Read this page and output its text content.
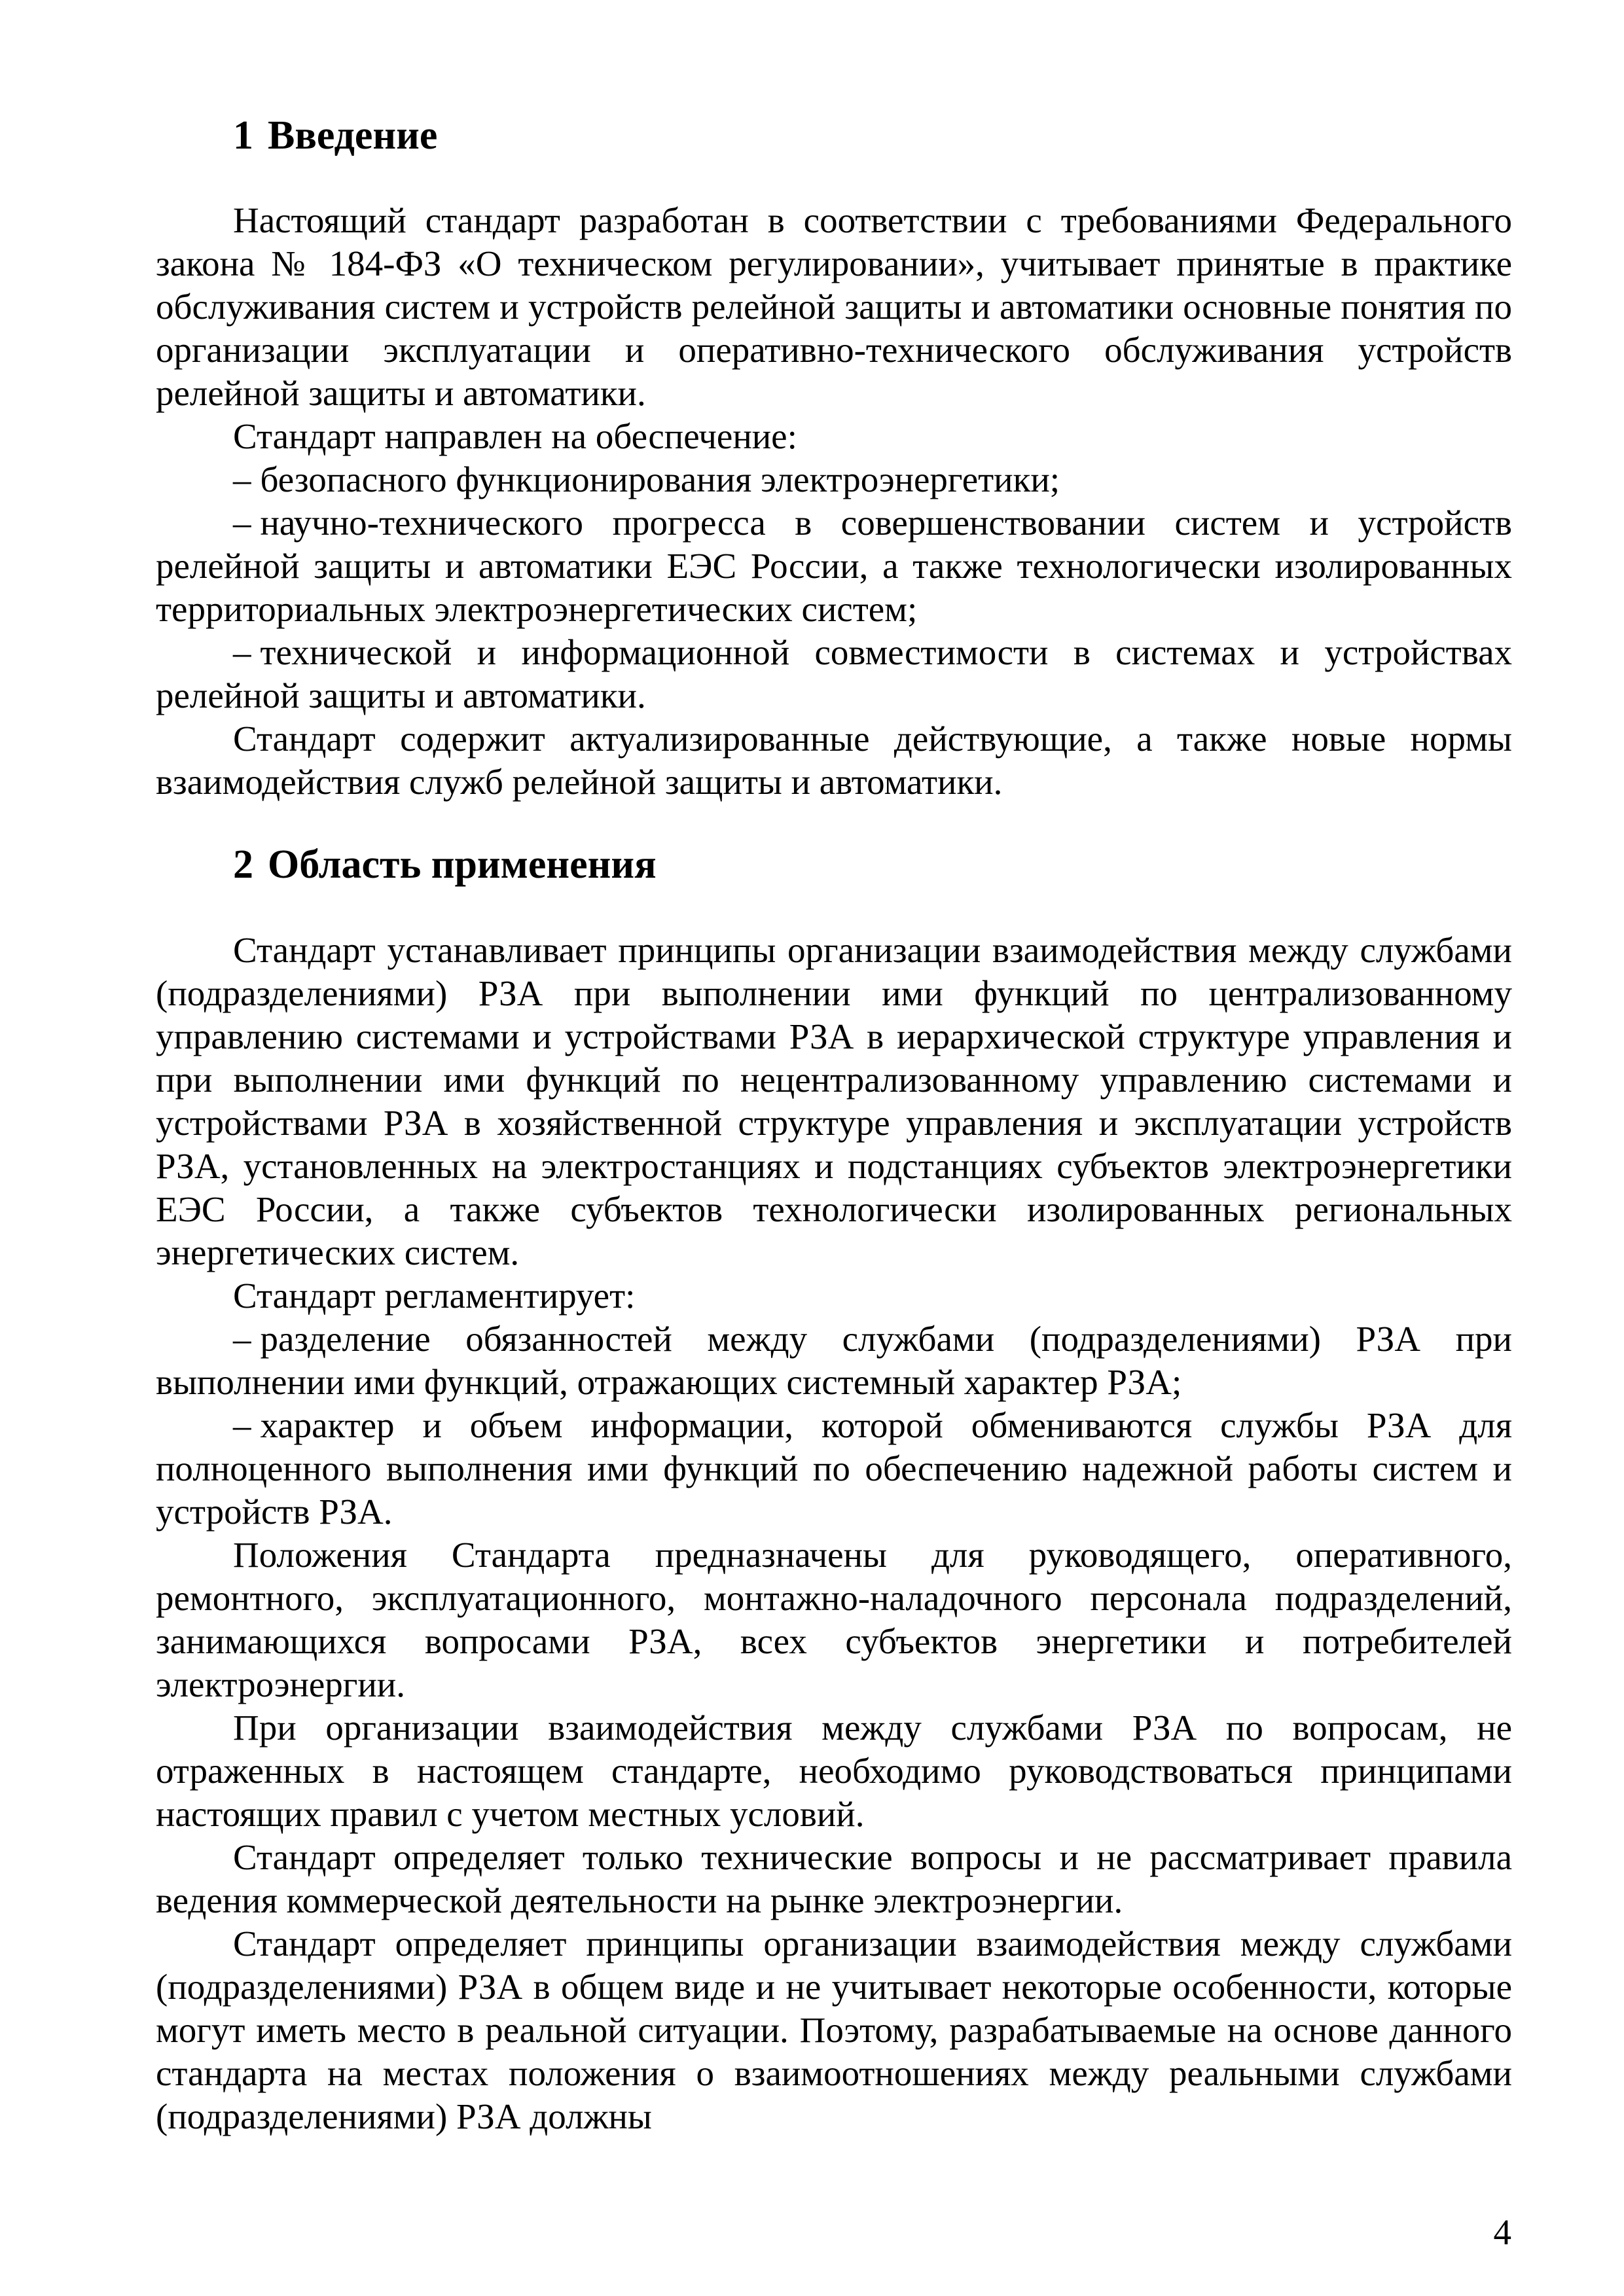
1 Введение

Настоящий стандарт разработан в соответствии с требованиями Федерального закона № 184-ФЗ «О техническом регулировании», учитывает принятые в практике обслуживания систем и устройств релейной защиты и автоматики основные понятия по организации эксплуатации и оперативно-технического обслуживания устройств релейной защиты и автоматики.

Стандарт направлен на обеспечение:

– безопасного функционирования электроэнергетики;

– научно-технического прогресса в совершенствовании систем и устройств релейной защиты и автоматики ЕЭС России, а также технологически изолированных территориальных электроэнергетических систем;

– технической и информационной совместимости в системах и устройствах релейной защиты и автоматики.

Стандарт содержит актуализированные действующие, а также новые нормы взаимодействия служб релейной защиты и автоматики.

2 Область применения

Стандарт устанавливает принципы организации взаимодействия между службами (подразделениями) РЗА при выполнении ими функций по централизованному управлению системами и устройствами РЗА в иерархической структуре управления и при выполнении ими функций по нецентрализованному управлению системами и устройствами РЗА в хозяйственной структуре управления и эксплуатации устройств РЗА, установленных на электростанциях и подстанциях субъектов электроэнергетики ЕЭС России, а также субъектов технологически изолированных региональных энергетических систем.

Стандарт регламентирует:

– разделение обязанностей между службами (подразделениями) РЗА при выполнении ими функций, отражающих системный характер РЗА;

– характер и объем информации, которой обмениваются службы РЗА для полноценного выполнения ими функций по обеспечению надежной работы систем и устройств РЗА.

Положения Стандарта предназначены для руководящего, оперативного, ремонтного, эксплуатационного, монтажно-наладочного персонала подразделений, занимающихся вопросами РЗА, всех субъектов энергетики и потребителей электроэнергии.

При организации взаимодействия между службами РЗА по вопросам, не отраженных в настоящем стандарте, необходимо руководствоваться принципами настоящих правил с учетом местных условий.

Стандарт определяет только технические вопросы и не рассматривает правила ведения коммерческой деятельности на рынке электроэнергии.

Стандарт определяет принципы организации взаимодействия между службами (подразделениями) РЗА в общем виде и не учитывает некоторые особенности, которые могут иметь место в реальной ситуации. Поэтому, разрабатываемые на основе данного стандарта на местах положения о взаимоотношениях между реальными службами (подразделениями) РЗА должны

4
